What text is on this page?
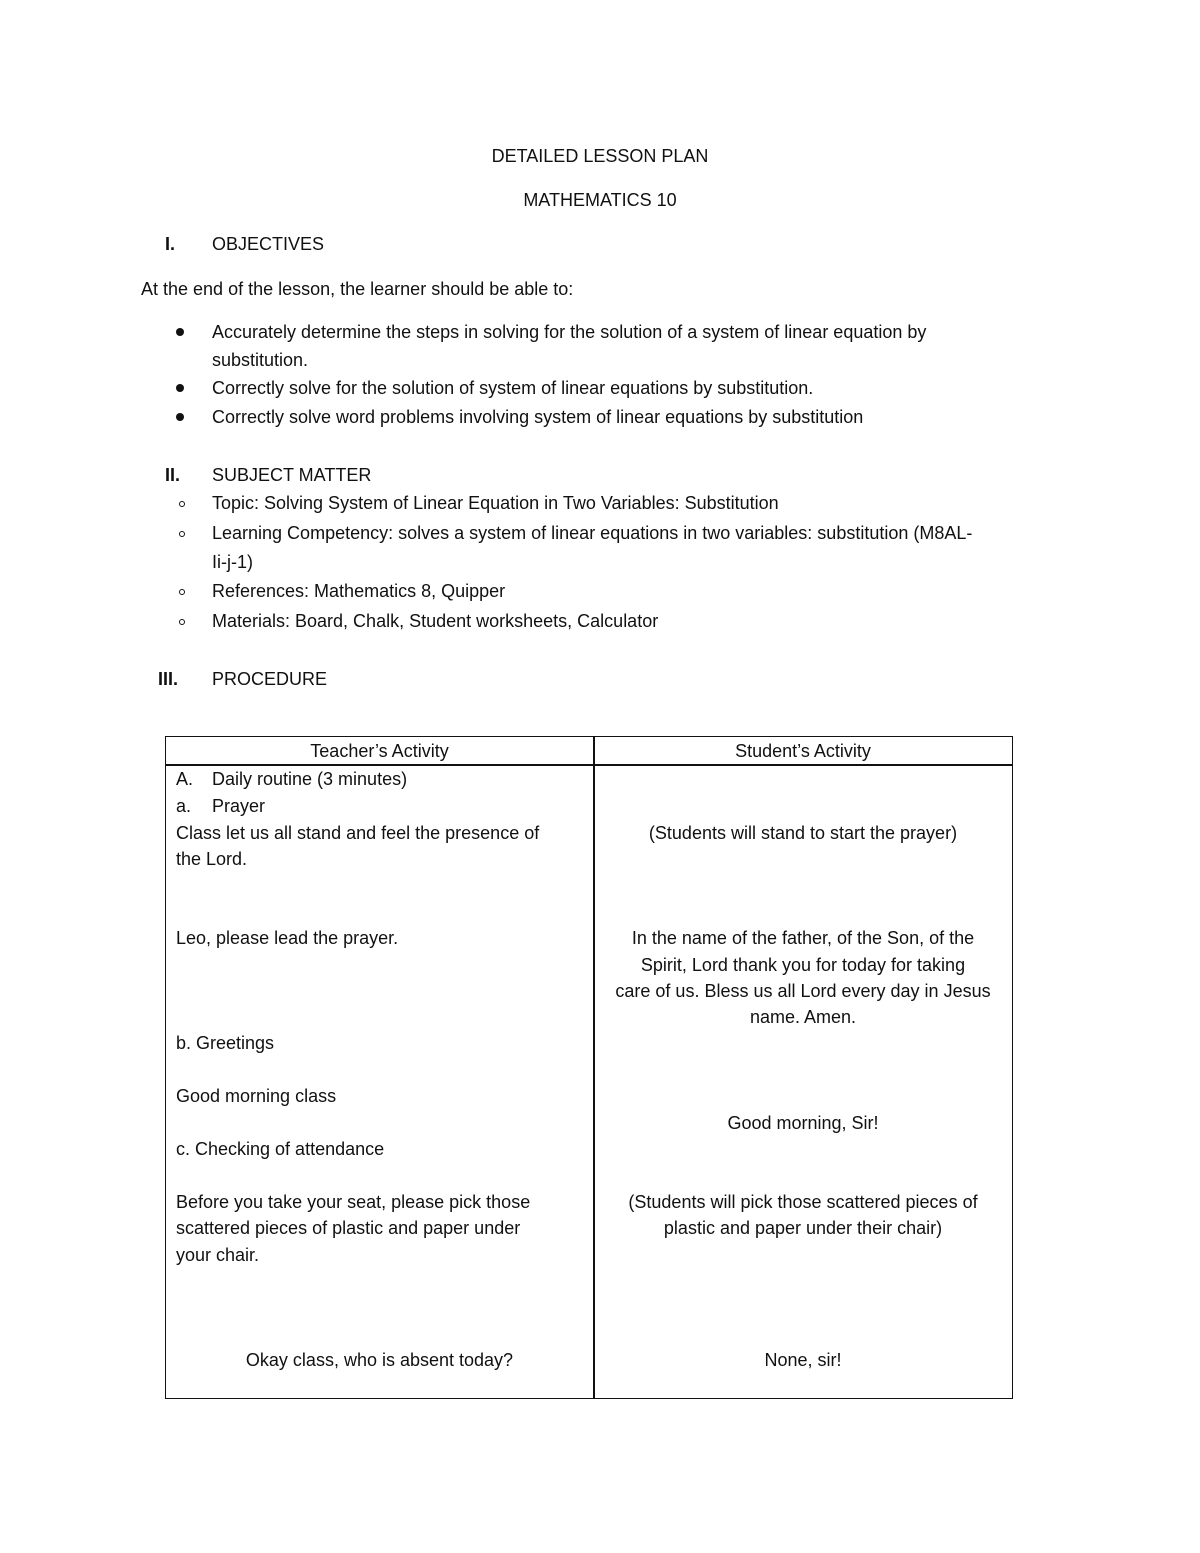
DETAILED LESSON PLAN
MATHEMATICS 10
I. OBJECTIVES
At the end of the lesson, the learner should be able to:
Accurately determine the steps in solving for the solution of a system of linear equation by
substitution.
Correctly solve for the solution of system of linear equations by substitution.
Correctly solve word problems involving system of linear equations by substitution
II. SUBJECT MATTER
Topic: Solving System of Linear Equation in Two Variables: Substitution
Learning Competency: solves a system of linear equations in two variables: substitution (M8AL-
Ii-j-1)
References: Mathematics 8, Quipper
Materials: Board, Chalk, Student worksheets, Calculator
III. PROCEDURE
Teacher’s Activity	Student’s Activity
A. Daily routine (3 minutes)
a. Prayer
Class let us all stand and feel the presence of
the Lord.
Leo, please lead the prayer.
b. Greetings
Good morning class
c. Checking of attendance
Before you take your seat, please pick those
scattered pieces of plastic and paper under
your chair.
Okay class, who is absent today?
(Students will stand to start the prayer)
In the name of the father, of the Son, of the
Spirit, Lord thank you for today for taking
care of us. Bless us all Lord every day in Jesus
name. Amen.
Good morning, Sir!
(Students will pick those scattered pieces of
plastic and paper under their chair)
None, sir!
